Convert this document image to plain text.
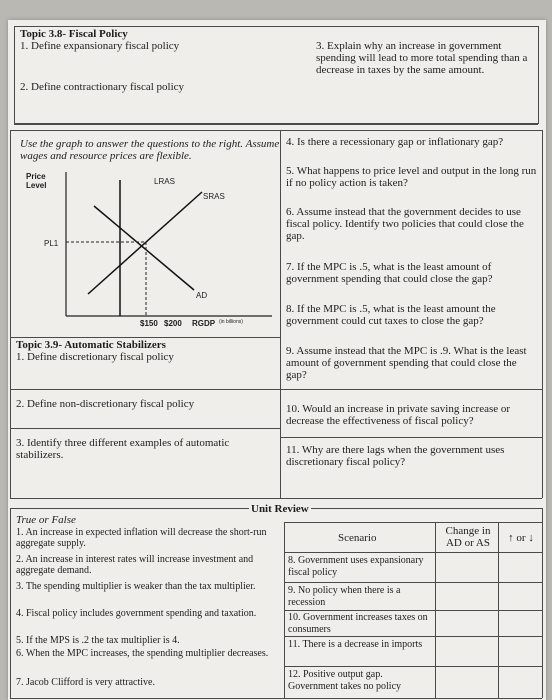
Topic 3.8- Fiscal Policy
1. Define expansionary fiscal policy
2. Define contractionary fiscal policy
3. Explain why an increase in government spending will lead to more total spending than a decrease in taxes by the same amount.
Use the graph to answer the questions to the right. Assume wages and resource prices are flexible.
Price
Level	LRAS
SRAS
AD
PL1
$150 $200 RGDP (in billions)
4. Is there a recessionary gap or inflationary gap?
5. What happens to price level and output in the long run if no policy action is taken?
6. Assume instead that the government decides to use fiscal policy. Identify two policies that could close the gap.
7. If the MPC is .5, what is the least amount of government spending that could close the gap?
8. If the MPC is .5, what is the least amount the government could cut taxes to close the gap?
9. Assume instead that the MPC is .9. What is the least amount of government spending that could close the gap?
10. Would an increase in private saving increase or decrease the effectiveness of fiscal policy?
11. Why are there lags when the government uses discretionary fiscal policy?
Topic 3.9- Automatic Stabilizers
1. Define discretionary fiscal policy
2. Define non-discretionary fiscal policy
3. Identify three different examples of automatic stabilizers.
Unit Review
True or False
1. An increase in expected inflation will decrease the short-run aggregate supply.
2. An increase in interest rates will increase investment and aggregate demand.
3. The spending multiplier is weaker than the tax multiplier.
4. Fiscal policy includes government spending and taxation.
5. If the MPS is .2 the tax multiplier is 4.
6. When the MPC increases, the spending multiplier decreases.
7. Jacob Clifford is very attractive.
Scenario
Change in AD or AS	↑ or ↓
8. Government uses expansionary fiscal policy
9. No policy when there is a recession
10. Government increases taxes on consumers
11. There is a decrease in imports
12. Positive output gap. Government takes no policy
